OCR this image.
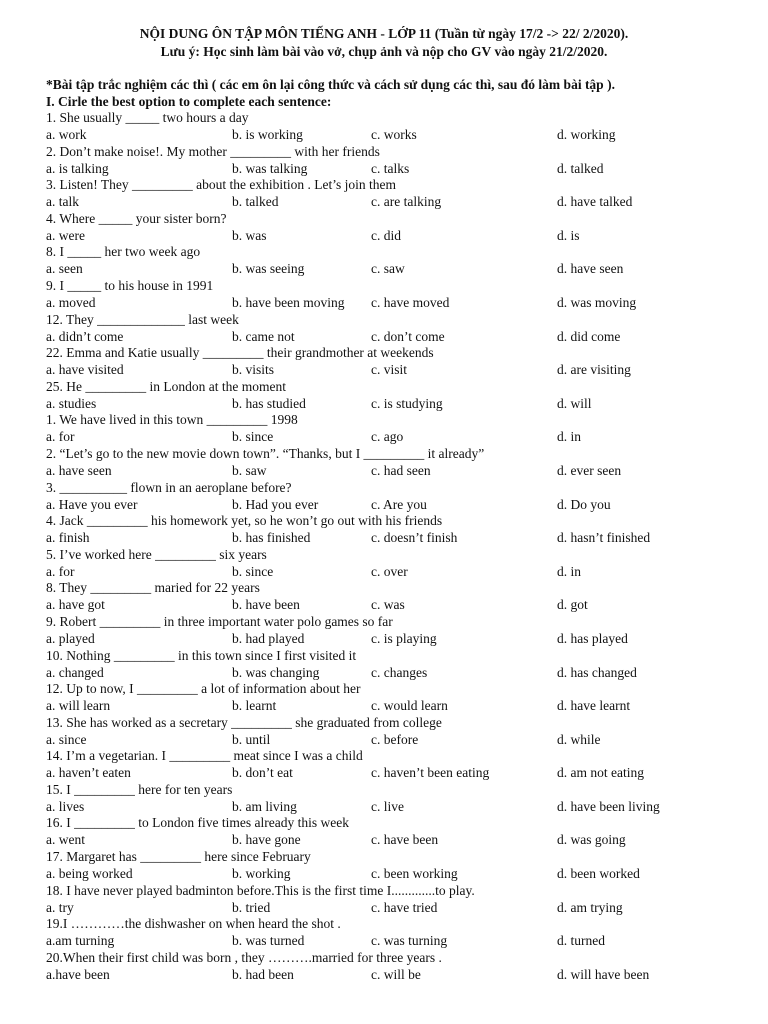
NỘI DUNG ÔN TẬP MÔN TIẾNG ANH - LỚP 11 (Tuần từ ngày 17/2 -> 22/ 2/2020).
Lưu ý: Học sinh làm bài vào vở, chụp ảnh và nộp cho GV vào ngày 21/2/2020.
*Bài tập trắc nghiệm các thì ( các em ôn lại công thức và cách sử dụng các thì, sau đó làm bài tập ).
I. Cirle the best option to complete each sentence:
1. She usually _____ two hours a day
a. work	b. is working	c. works	d. working
2. Don’t make noise!. My mother _________ with her friends
a. is talking	b. was talking	c. talks	d. talked
3. Listen! They _________ about the exhibition . Let’s join them
a. talk	b. talked	c. are talking	d. have talked
4. Where _____ your sister born?
a. were	b. was	c. did	d. is
8. I _____ her two week ago
a. seen	b. was seeing	c. saw	d. have seen
9. I _____ to his house in 1991
a. moved	b. have been moving c. have moved	d. was moving
12. They _____________ last week
a. didn’t come	b. came not	c. don’t come	d. did come
22. Emma and Katie usually _________ their grandmother at weekends
a. have visited	b. visits	c. visit	d. are visiting
25. He _________ in London at the moment
a. studies	b. has studied	c. is studying	d. will
1. We have lived in this town _________ 1998
a. for	b. since	c. ago	d. in
2. “Let’s go to the new movie down town”. “Thanks, but I _________ it already”
a. have seen	b. saw	c. had seen	d. ever seen
3. __________ flown in an aeroplane before?
a. Have you ever	b. Had you ever	c. Are you	d. Do you
4. Jack _________ his homework yet, so he won’t go out with his friends
a. finish	b. has finished	c. doesn’t finish	d. hasn’t finished
5. I’ve worked here _________ six years
a. for	b. since	c. over	d. in
8. They _________ maried for 22 years
a. have got	b. have been	c. was	d. got
9. Robert _________ in three important water polo games so far
a. played	b. had played	c. is playing	d. has played
10. Nothing _________ in this town since I first visited it
a. changed	b. was changing	c. changes	d. has changed
12. Up to now, I _________ a lot of information about her
a. will learn	b. learnt	c. would learn	d. have learnt
13. She has worked as a secretary _________ she graduated from college
a. since	b. until	c. before	d. while
14. I’m a vegetarian. I _________ meat since I was a child
a. haven’t eaten	b. don’t eat	c. haven’t been eating	d. am not eating
15. I _________ here for ten years
a. lives	b. am living	c. live	d. have been living
16. I _________ to London five times already this week
a. went	b. have gone	c. have been	d. was going
17. Margaret has _________ here since February
a. being worked	b. working	c. been working	d. been worked
18. I have never played badminton before.This is the first time I.............to play.
a. try	b. tried	c. have tried	d. am trying
19.I …………the dishwasher on when heard the shot .
a.am turning	b. was turned	c. was turning	d. turned
20.When their first child was born , they ……….married for three years .
a.have been	b. had been	c. will be	d. will have been
